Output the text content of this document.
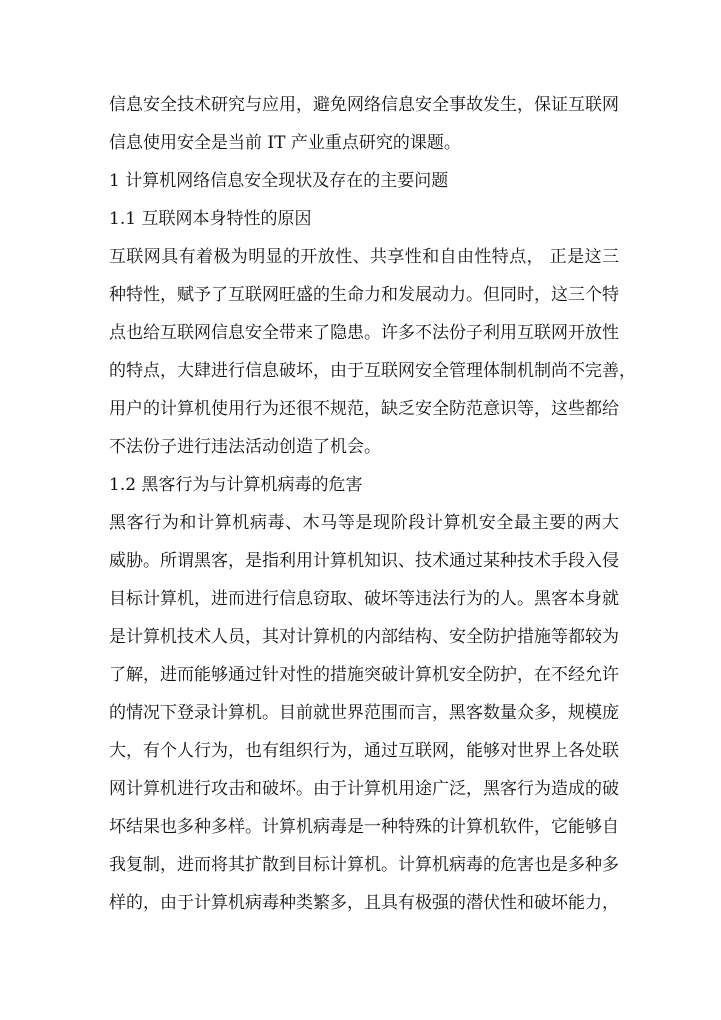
信息安全技术研究与应用，避免网络信息安全事故发生，保证互联网
信息使用安全是当前 IT 产业重点研究的课题。
1 计算机网络信息安全现状及存在的主要问题
1.1 互联网本身特性的原因
互联网具有着极为明显的开放性、共享性和自由性特点， 正是这三
种特性，赋予了互联网旺盛的生命力和发展动力。但同时，这三个特
点也给互联网信息安全带来了隐患。许多不法份子利用互联网开放性
的特点，大肆进行信息破坏，由于互联网安全管理体制机制尚不完善，
用户的计算机使用行为还很不规范，缺乏安全防范意识等，这些都给
不法份子进行违法活动创造了机会。
1.2 黑客行为与计算机病毒的危害
黑客行为和计算机病毒、木马等是现阶段计算机安全最主要的两大
威胁。所谓黑客，是指利用计算机知识、技术通过某种技术手段入侵
目标计算机，进而进行信息窃取、破坏等违法行为的人。黑客本身就
是计算机技术人员，其对计算机的内部结构、安全防护措施等都较为
了解，进而能够通过针对性的措施突破计算机安全防护，在不经允许
的情况下登录计算机。目前就世界范围而言，黑客数量众多，规模庞
大，有个人行为，也有组织行为，通过互联网，能够对世界上各处联
网计算机进行攻击和破坏。由于计算机用途广泛，黑客行为造成的破
坏结果也多种多样。计算机病毒是一种特殊的计算机软件，它能够自
我复制，进而将其扩散到目标计算机。计算机病毒的危害也是多种多
样的，由于计算机病毒种类繁多，且具有极强的潜伏性和破坏能力，
